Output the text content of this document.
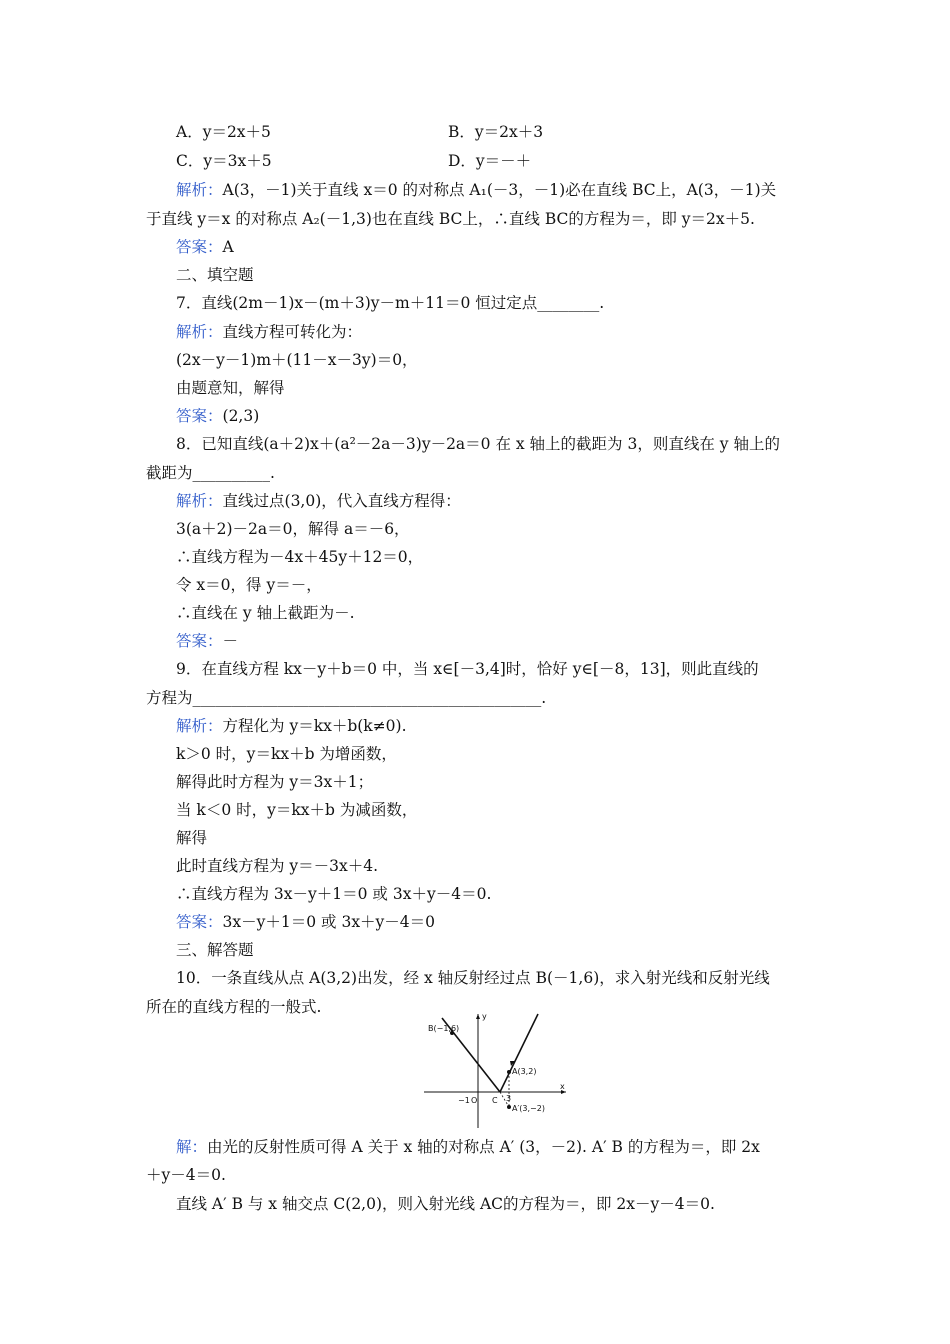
A．y＝2x＋5	B．y＝2x＋3
C．y＝3x＋5	D．y＝－＋
解析：A(3，－1)关于直线 x＝0 的对称点 A₁(－3，－1)必在直线 BC上，A(3，－1)关
于直线 y＝x 的对称点 A₂(－1,3)也在直线 BC上，∴直线 BC的方程为＝，即 y＝2x＋5.
答案：A
二、填空题
7．直线(2m－1)x－(m＋3)y－m＋11＝0 恒过定点________.
解析：直线方程可转化为：
(2x－y－1)m＋(11－x－3y)＝0，
由题意知，解得
答案：(2,3)
8．已知直线(a＋2)x＋(a²－2a－3)y－2a＝0 在 x 轴上的截距为 3，则直线在 y 轴上的
截距为__________.
解析：直线过点(3,0)，代入直线方程得：
3(a＋2)－2a＝0，解得 a＝－6，
∴直线方程为－4x＋45y＋12＝0，
令 x＝0，得 y＝－，
∴直线在 y 轴上截距为－.
答案：－
9．在直线方程 kx－y＋b＝0 中，当 x∈[－3,4]时，恰好 y∈[－8，13]，则此直线的
方程为_____________________________________________.
解析：方程化为 y＝kx＋b(k≠0).
k＞0 时，y＝kx＋b 为增函数，
解得此时方程为 y＝3x＋1；
当 k＜0 时，y＝kx＋b 为减函数，
解得
此时直线方程为 y＝－3x＋4.
∴直线方程为 3x－y＋1＝0 或 3x＋y－4＝0.
答案：3x－y＋1＝0 或 3x＋y－4＝0
三、解答题
10．一条直线从点 A(3,2)出发，经 x 轴反射经过点 B(－1,6)，求入射光线和反射光线
所在的直线方程的一般式.
y
x
B(−1,6)
A(3,2)
A′(3,−2)
−1 O C 3
解：由光的反射性质可得 A 关于 x 轴的对称点 A′ (3，－2). A′ B 的方程为＝，即 2x
＋y－4＝0.
直线 A′ B 与 x 轴交点 C(2,0)，则入射光线 AC的方程为＝，即 2x－y－4＝0.
